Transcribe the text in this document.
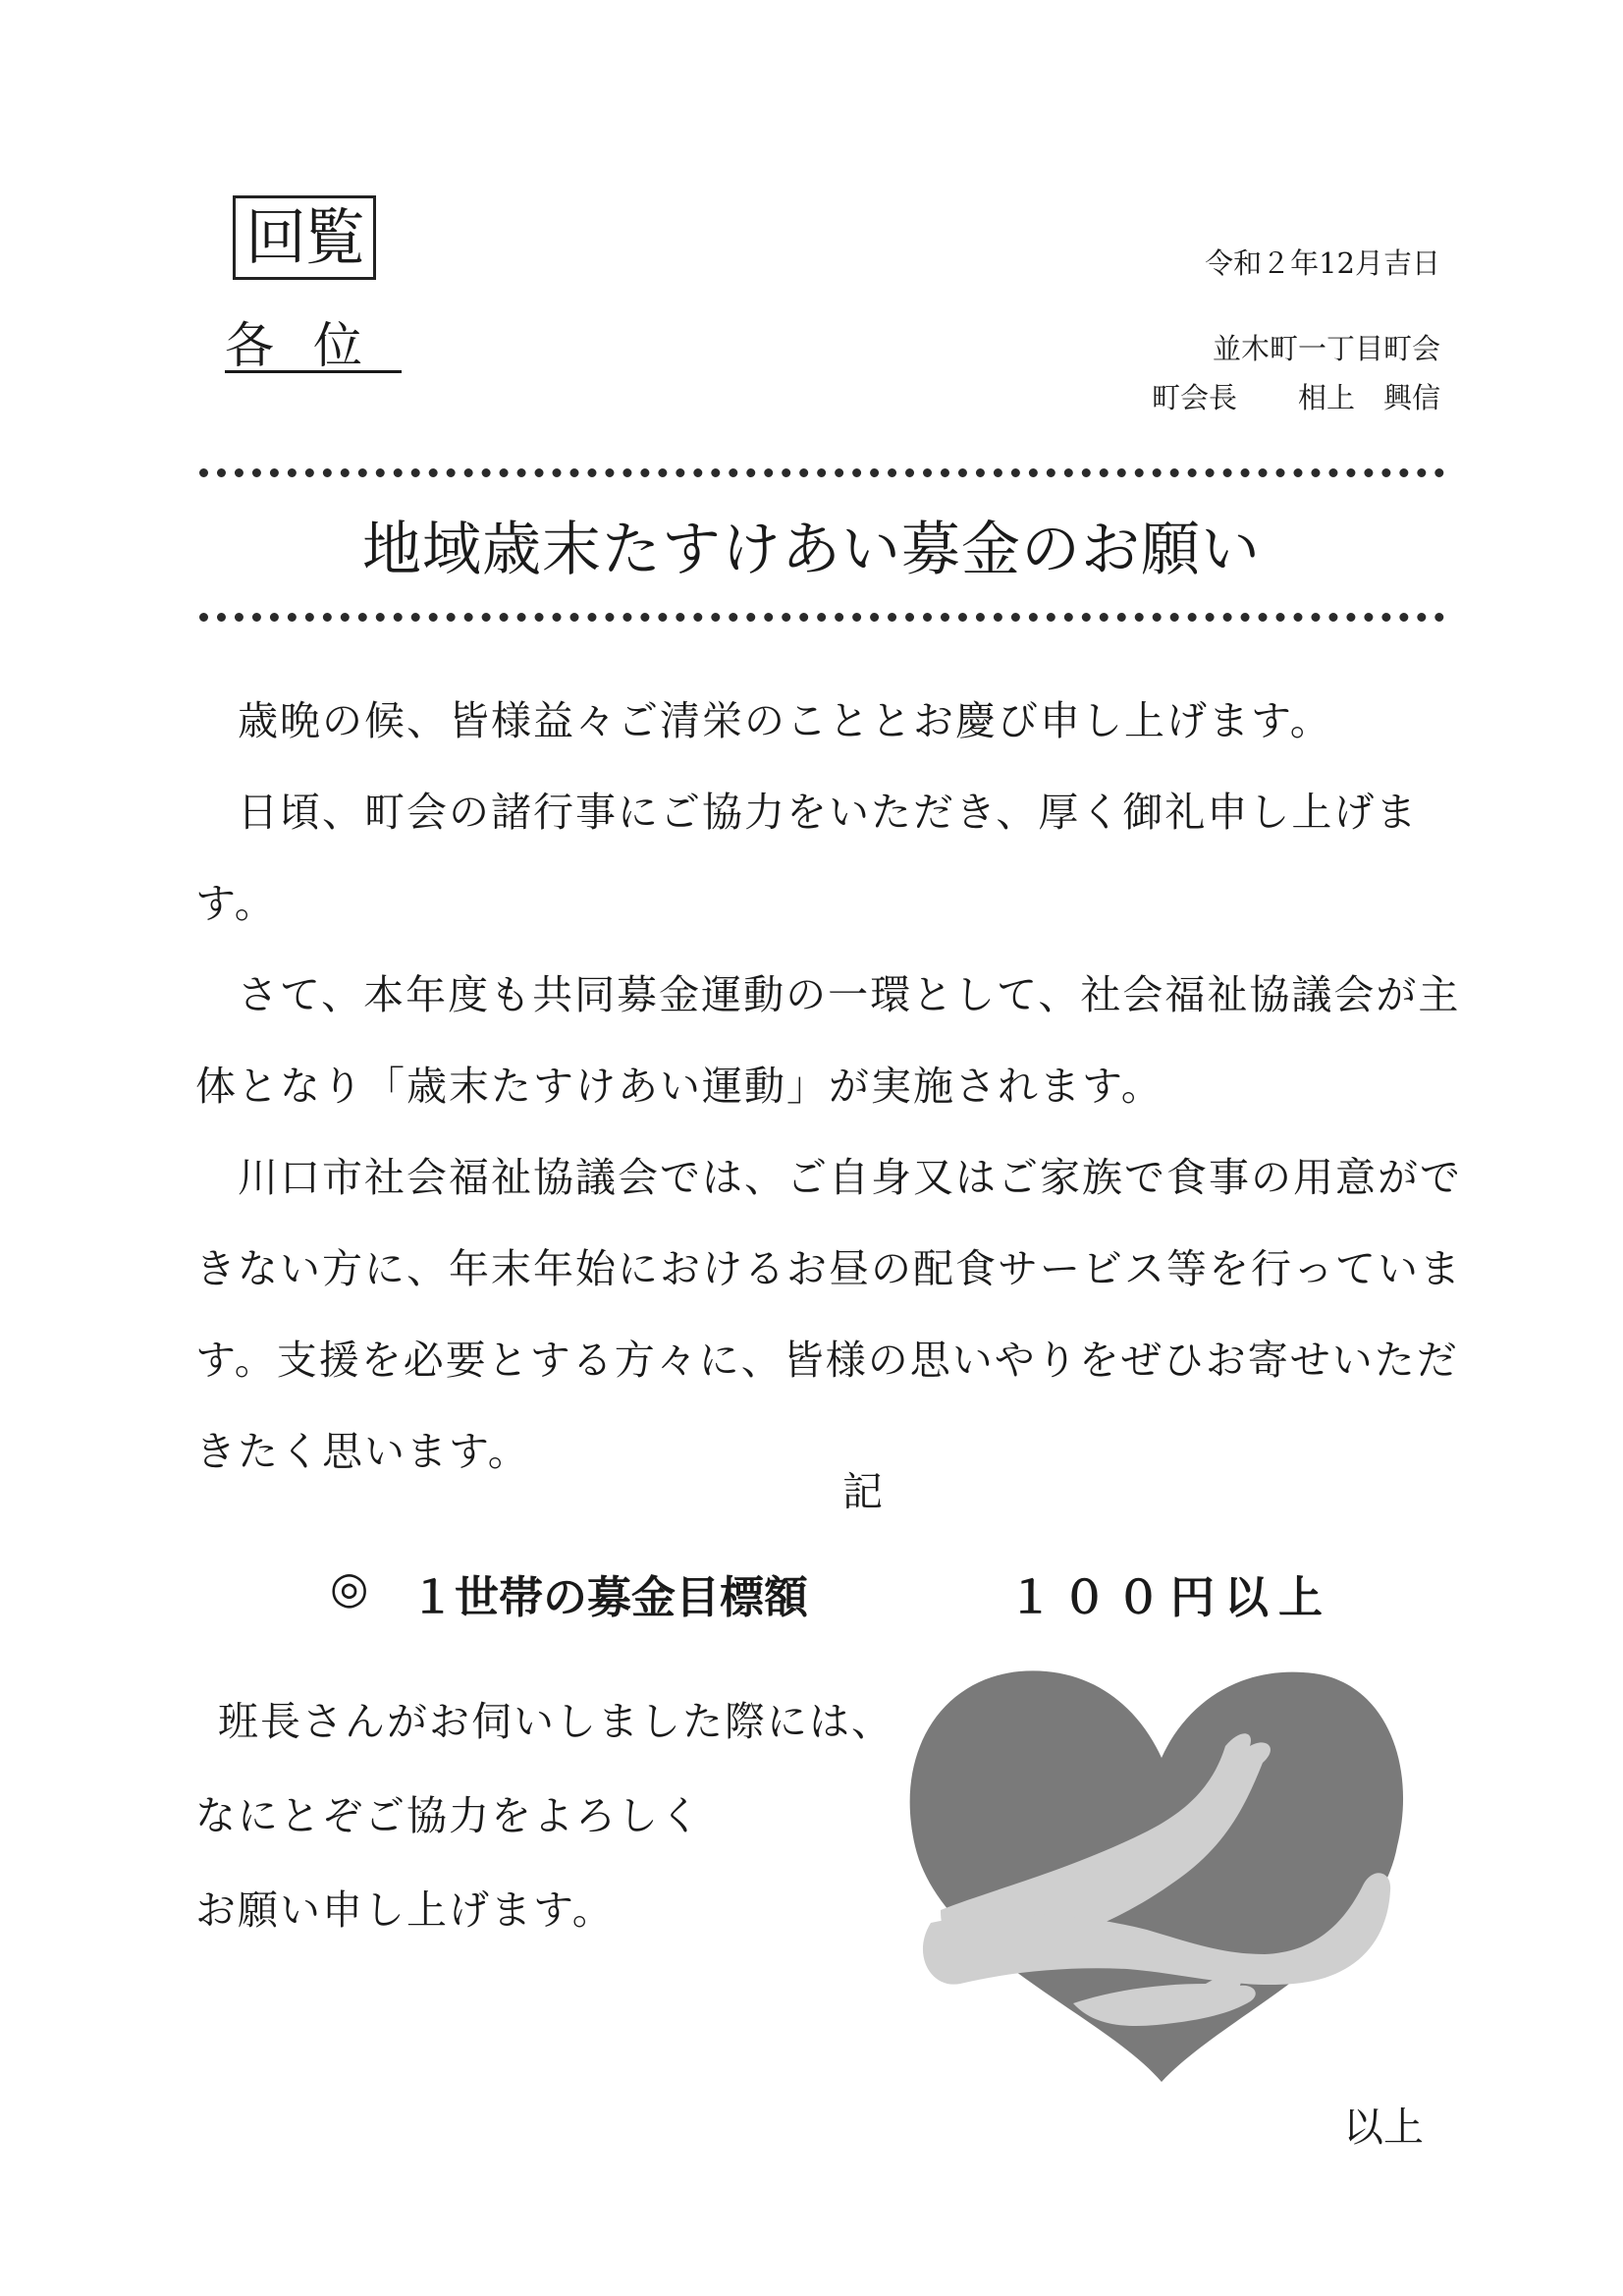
回覧
各位
令和２年12月吉日
並木町一丁目町会
町会長 相上　興信
地域歳末たすけあい募金のお願い

歳晩の候、皆様益々ご清栄のこととお慶び申し上げます。

日頃、町会の諸行事にご協力をいただき、厚く御礼申し上げます。

さて、本年度も共同募金運動の一環として、社会福祉協議会が主体となり「歳末たすけあい運動」が実施されます。

川口市社会福祉協議会では、ご自身又はご家族で食事の用意ができない方に、年末年始におけるお昼の配食サービス等を行っています。支援を必要とする方々に、皆様の思いやりをぜひお寄せいただきたく思います。

記
◎ １世帯の募金目標額	１００円以上

班長さんがお伺いしました際には、

なにとぞご協力をよろしく

お願い申し上げます。

以上
